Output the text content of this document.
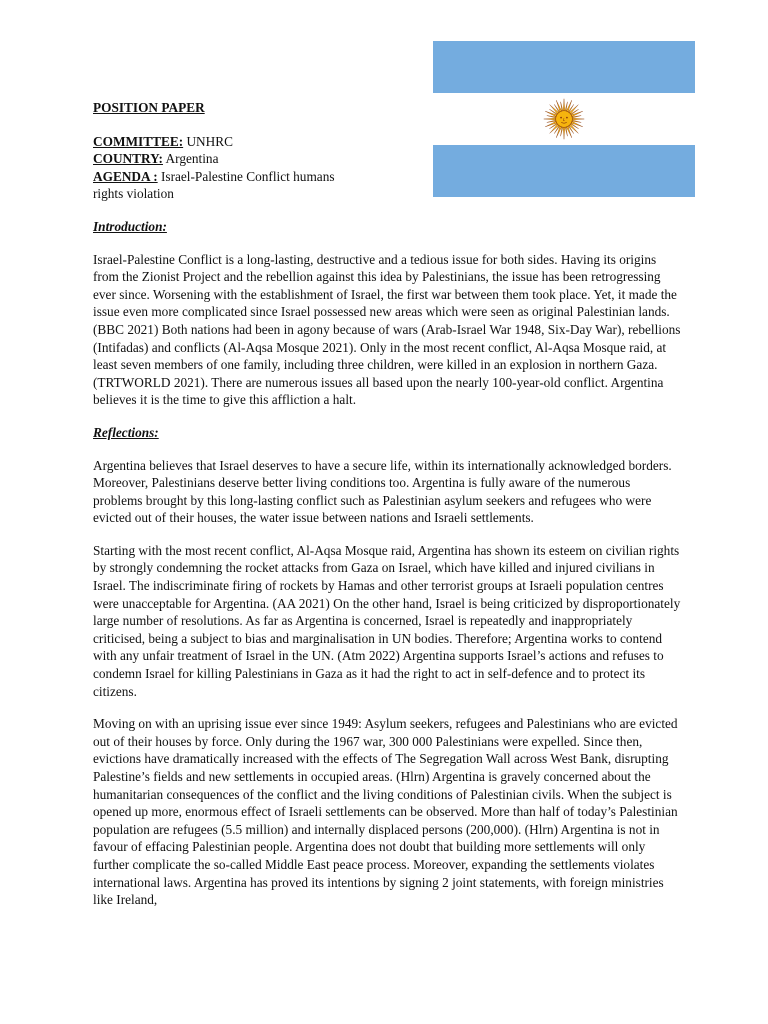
POSITION PAPER

COMMITTEE: UNHRC

COUNTRY: Argentina

AGENDA : Israel-Palestine Conflict humans rights violation

Introduction:

Israel-Palestine Conflict is a long-lasting, destructive and a tedious issue for both sides. Having its origins from the Zionist Project and the rebellion against this idea by Palestinians, the issue has been retrogressing ever since. Worsening with the establishment of Israel, the first war between them took place. Yet, it made the issue even more complicated since Israel possessed new areas which were seen as original Palestinian lands. (BBC 2021) Both nations had been in agony because of wars (Arab-Israel War 1948, Six-Day War), rebellions (Intifadas) and conflicts (Al-Aqsa Mosque 2021). Only in the most recent conflict, Al-Aqsa Mosque raid, at least seven members of one family, including three children, were killed in an explosion in northern Gaza. (TRTWORLD 2021). There are numerous issues all based upon the nearly 100-year-old conflict. Argentina believes it is the time to give this affliction a halt.

Reflections:

Argentina believes that Israel deserves to have a secure life, within its internationally acknowledged borders. Moreover, Palestinians deserve better living conditions too. Argentina is fully aware of the numerous problems brought by this long-lasting conflict such as Palestinian asylum seekers and refugees who were evicted out of their houses, the water issue between nations and Israeli settlements.

Starting with the most recent conflict, Al-Aqsa Mosque raid, Argentina has shown its esteem on civilian rights by strongly condemning the rocket attacks from Gaza on Israel, which have killed and injured civilians in Israel. The indiscriminate firing of rockets by Hamas and other terrorist groups at Israeli population centres were unacceptable for Argentina. (AA 2021) On the other hand, Israel is being criticized by disproportionately large number of resolutions. As far as Argentina is concerned, Israel is repeatedly and inappropriately criticised, being a subject to bias and marginalisation in UN bodies. Therefore; Argentina works to contend with any unfair treatment of Israel in the UN. (Atm 2022) Argentina supports Israel’s actions and refuses to condemn Israel for killing Palestinians in Gaza as it had the right to act in self-defence and to protect its citizens.

Moving on with an uprising issue ever since 1949: Asylum seekers, refugees and Palestinians who are evicted out of their houses by force. Only during the 1967 war, 300 000 Palestinians were expelled. Since then, evictions have dramatically increased with the effects of The Segregation Wall across West Bank, disrupting Palestine’s fields and new settlements in occupied areas. (Hlrn) Argentina is gravely concerned about the humanitarian consequences of the conflict and the living conditions of Palestinian civils. When the subject is opened up more, enormous effect of Israeli settlements can be observed. More than half of today’s Palestinian population are refugees (5.5 million) and internally displaced persons (200,000). (Hlrn) Argentina is not in favour of effacing Palestinian people. Argentina does not doubt that building more settlements will only further complicate the so-called Middle East peace process. Moreover, expanding the settlements violates international laws. Argentina has proved its intentions by signing 2 joint statements, with foreign ministries like Ireland,
